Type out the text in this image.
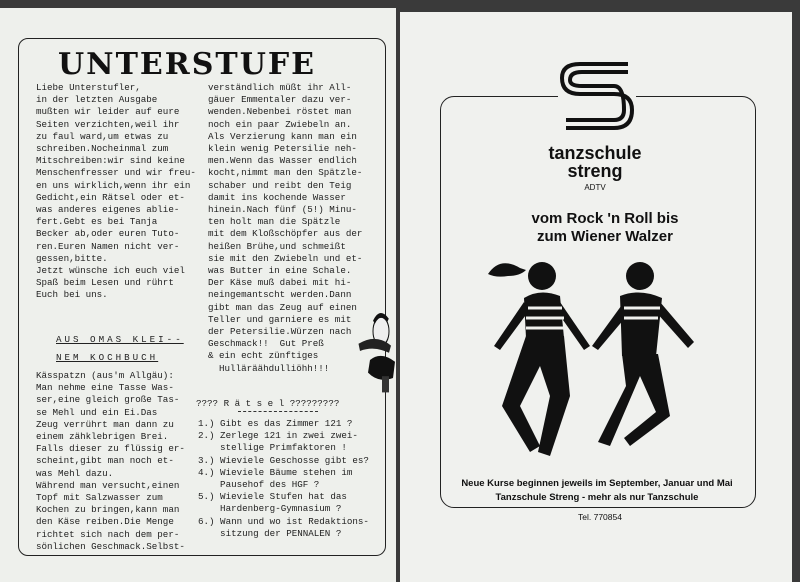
UNTERSTUFE
Liebe Unterstufler,
in der letzten Ausgabe
mußten wir leider auf eure
Seiten verzichten,weil ihr
zu faul ward,um etwas zu
schreiben.Nocheinmal zum
Mitschreiben:wir sind keine
Menschenfresser und wir freu-
en uns wirklich,wenn ihr ein
Gedicht,ein Rätsel oder et-
was anderes eigenes ablie-
fert.Gebt es bei Tanja
Becker ab,oder euren Tuto-
ren.Euren Namen nicht ver-
gessen,bitte.
Jetzt wünsche ich euch viel
Spaß beim Lesen und rührt
Euch bei uns.
AUS OMAS KLEI--
NEM KOCHBUCH
Kässpatzn (aus'm Allgäu):
Man nehme eine Tasse Was-
ser,eine gleich große Tas-
se Mehl und ein Ei.Das
Zeug verrührt man dann zu
einem zähklebrigen Brei.
Falls dieser zu flüssig er-
scheint,gibt man noch et-
was Mehl dazu.
Während man versucht,einen
Topf mit Salzwasser zum
Kochen zu bringen,kann man
den Käse reiben.Die Menge
richtet sich nach dem per-
sönlichen Geschmack.Selbst-
verständlich müßt ihr All-
gäuer Emmentaler dazu ver-
wenden.Nebenbei röstet man
noch ein paar Zwiebeln an.
Als Verzierung kann man ein
klein wenig Petersilie neh-
men.Wenn das Wasser endlich
kocht,nimmt man den Spätzle-
schaber und reibt den Teig
damit ins kochende Wasser
hinein.Nach fünf (5!) Minu-
ten holt man die Spätzle
mit dem Kloßschöpfer aus der
heißen Brühe,und schmeißt
sie mit den Zwiebeln und et-
was Butter in eine Schale.
Der Käse muß dabei mit hi-
neingemantscht werden.Dann
gibt man das Zeug auf einen
Teller und garniere es mit
der Petersilie.Würzen nach
Geschmack!!  Gut Preß
& ein echt zünftiges
Hulläräähdulliöhh!!!
???? R ä t s e l ?????????
1.) Gibt es das Zimmer 121 ?
2.) Zerlege 121 in zwei zwei-
stellige Primfaktoren !
3.) Wieviele Geschosse gibt es?
4.) Wieviele Bäume stehen im
Pausehof des HGF ?
5.) Wieviele Stufen hat das
Hardenberg-Gymnasium ?
6.) Wann und wo ist Redaktions-
sitzung der PENNALEN ?
tanzschule
streng
ADTV
vom Rock 'n Roll bis
zum Wiener Walzer
Neue Kurse beginnen jeweils im September, Januar und Mai
Tanzschule Streng - mehr als nur Tanzschule
Tel. 770854
